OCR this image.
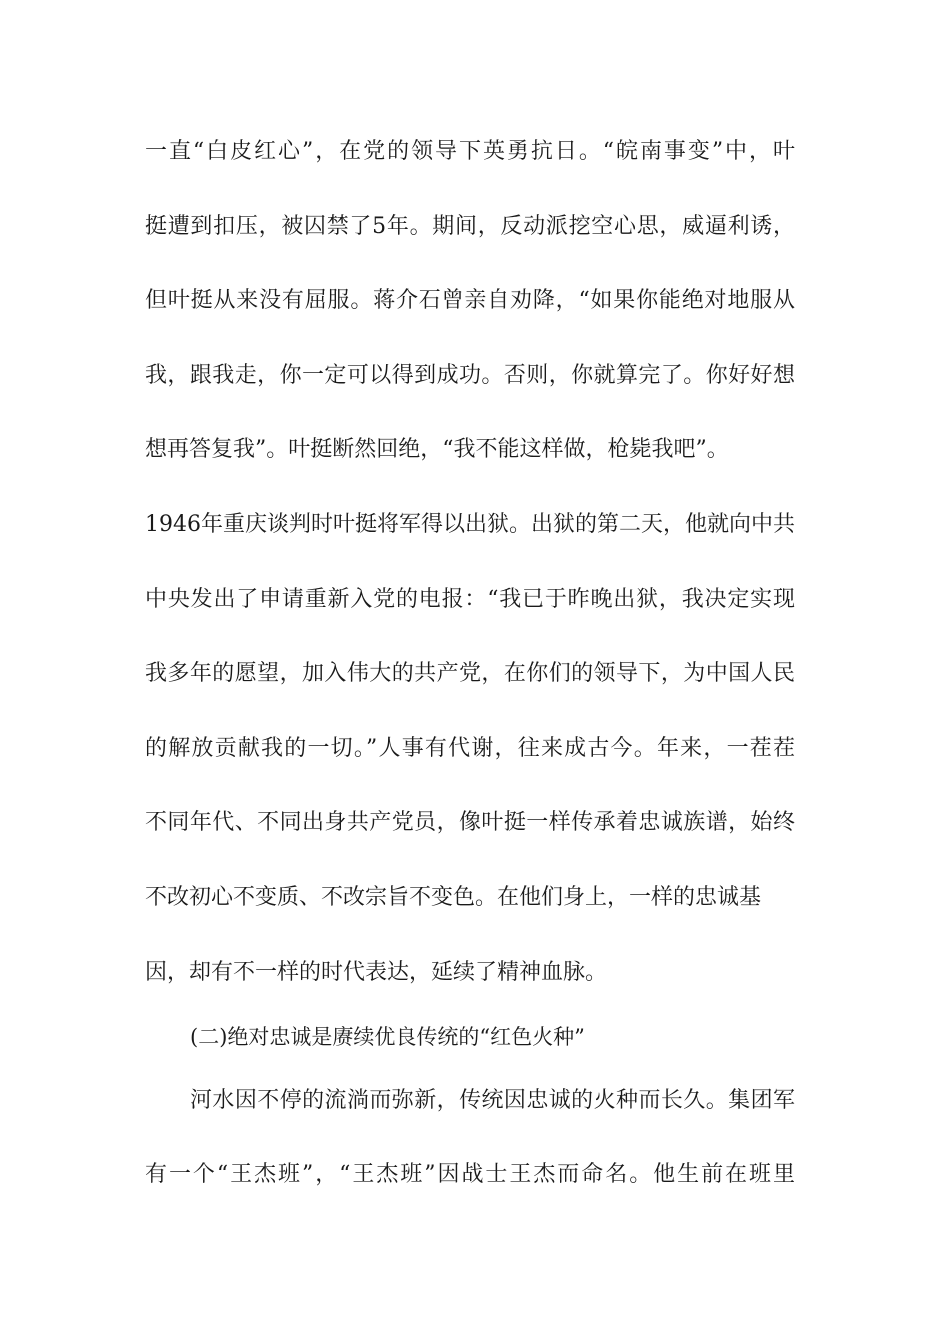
一直“白皮红心”，在党的领导下英勇抗日。“皖南事变”中，叶
挺遭到扣压，被囚禁了5年。期间，反动派挖空心思，威逼利诱，
但叶挺从来没有屈服。蒋介石曾亲自劝降，“如果你能绝对地服从
我，跟我走，你一定可以得到成功。否则，你就算完了。你好好想
想再答复我”。叶挺断然回绝，“我不能这样做，枪毙我吧”。
1946年重庆谈判时叶挺将军得以出狱。出狱的第二天，他就向中共
中央发出了申请重新入党的电报：“我已于昨晚出狱，我决定实现
我多年的愿望，加入伟大的共产党，在你们的领导下，为中国人民
的解放贡献我的一切。”人事有代谢，往来成古今。年来，一茬茬
不同年代、不同出身共产党员，像叶挺一样传承着忠诚族谱，始终
不改初心不变质、不改宗旨不变色。在他们身上，一样的忠诚基
因，却有不一样的时代表达，延续了精神血脉。
(二)绝对忠诚是赓续优良传统的“红色火种”
河水因不停的流淌而弥新，传统因忠诚的火种而长久。集团军
有一个“王杰班”，“王杰班”因战士王杰而命名。他生前在班里
